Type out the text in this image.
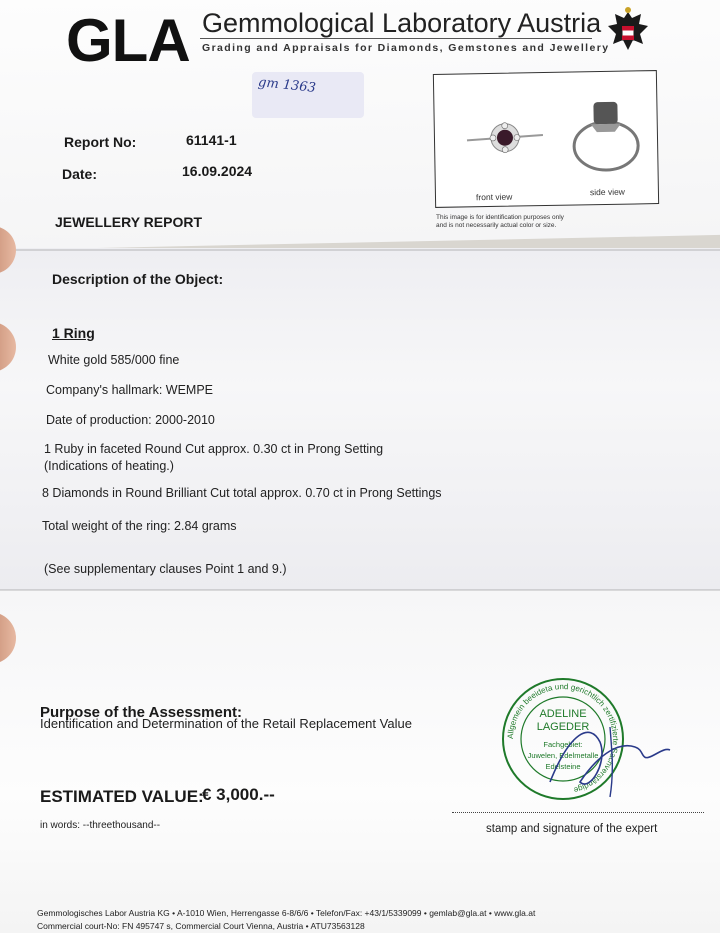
GLA Gemmological Laboratory Austria
Grading and Appraisals for Diamonds, Gemstones and Jewellery
gm 1363
Report No:	61141-1
Date:	16.09.2024
JEWELLERY REPORT
front view	side view
This image is for identification purposes only
and is not necessarily actual color or size.
Description of the Object:
1 Ring
White gold 585/000 fine
Company's hallmark: WEMPE
Date of production: 2000-2010
1 Ruby in faceted Round Cut approx. 0.30 ct in Prong Setting
(Indications of heating.)
8 Diamonds in Round Brilliant Cut total approx. 0.70 ct in Prong Settings
Total weight of the ring: 2.84 grams
(See supplementary clauses Point 1 and 9.)
Purpose of the Assessment:
Identification and Determination of the Retail Replacement Value
ESTIMATED VALUE:
€ 3,000.--
in words: --threethousand--	stamp and signature of the expert
Allgemein beeideta und gerichtlich zertifizierte Sachverständige
ADELINE
LAGEDER
Fachgebiet:
Juwelen, Edelmetalle
Edelsteine
Gemmologisches Labor Austria KG • A-1010 Wien, Herrengasse 6-8/6/6 • Telefon/Fax: +43/1/5339099 • gemlab@gla.at • www.gla.at
Commercial court-No: FN 495747 s, Commercial Court Vienna, Austria • ATU73563128
